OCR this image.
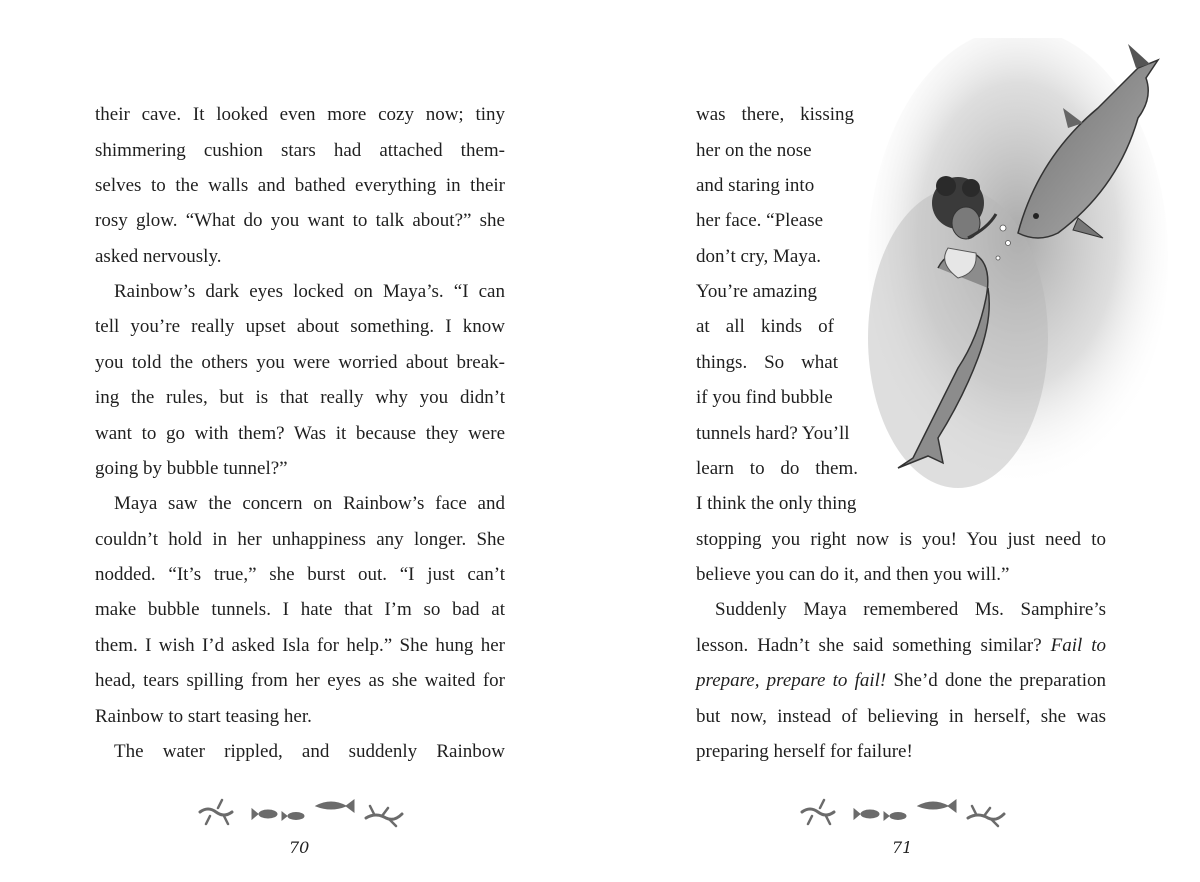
their cave. It looked even more cozy now; tiny
shimmering cushion stars had attached them-
selves to the walls and bathed everything in their
rosy glow. “What do you want to talk about?” she
asked nervously.
Rainbow’s dark eyes locked on Maya’s. “I can
tell you’re really upset about something. I know
you told the others you were worried about break-
ing the rules, but is that really why you didn’t
want to go with them? Was it because they were
going by bubble tunnel?”
Maya saw the concern on Rainbow’s face and
couldn’t hold in her unhappiness any longer. She
nodded. “It’s true,” she burst out. “I just can’t
make bubble tunnels. I hate that I’m so bad at
them. I wish I’d asked Isla for help.” She hung her
head, tears spilling from her eyes as she waited for
Rainbow to start teasing her.
The water rippled, and suddenly Rainbow
70
was there, kissing
her on the nose
and staring into
her face. “Please
don’t cry, Maya.
You’re amazing
at all kinds of
things. So what
if you find bubble
tunnels hard? You’ll
learn to do them.
I think the only thing
stopping you right now is you! You just need to
believe you can do it, and then you will.”
Suddenly Maya remembered Ms. Samphire’s
lesson. Hadn’t she said something similar? Fail to
prepare, prepare to fail! She’d done the preparation
but now, instead of believing in herself, she was
preparing herself for failure!
71
